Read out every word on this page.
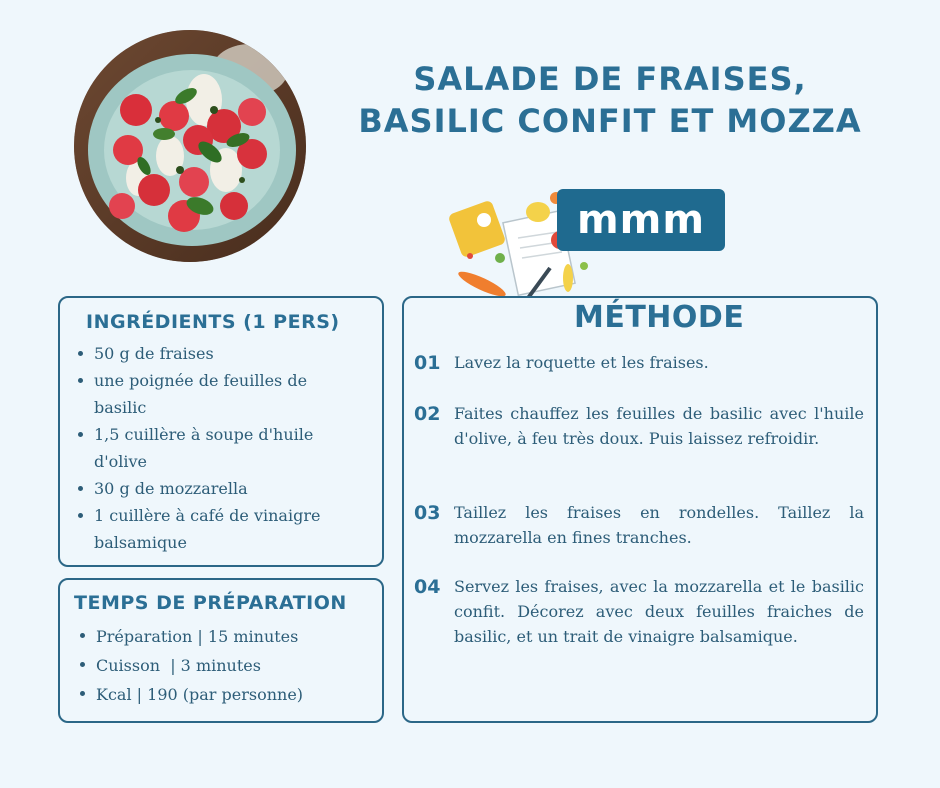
SALADE DE FRAISES,
BASILIC CONFIT ET MOZZA
mmm
INGRÉDIENTS (1 PERS)
50 g de fraises
une poignée de feuilles de basilic
1,5 cuillère à soupe d'huile d'olive
30 g de mozzarella
1 cuillère à café de vinaigre balsamique
TEMPS DE PRÉPARATION
Préparation | 15 minutes
Cuisson  | 3 minutes
Kcal | 190 (par personne)
MÉTHODE
01 Lavez la roquette et les fraises.
02 Faites chauffez les feuilles de basilic avec l'huile d'olive, à feu très doux. Puis laissez refroidir.
03 Taillez les fraises en rondelles. Taillez la mozzarella en fines tranches.
04 Servez les fraises, avec la mozzarella et le basilic confit. Décorez avec deux feuilles fraiches de basilic, et un trait de vinaigre balsamique.
